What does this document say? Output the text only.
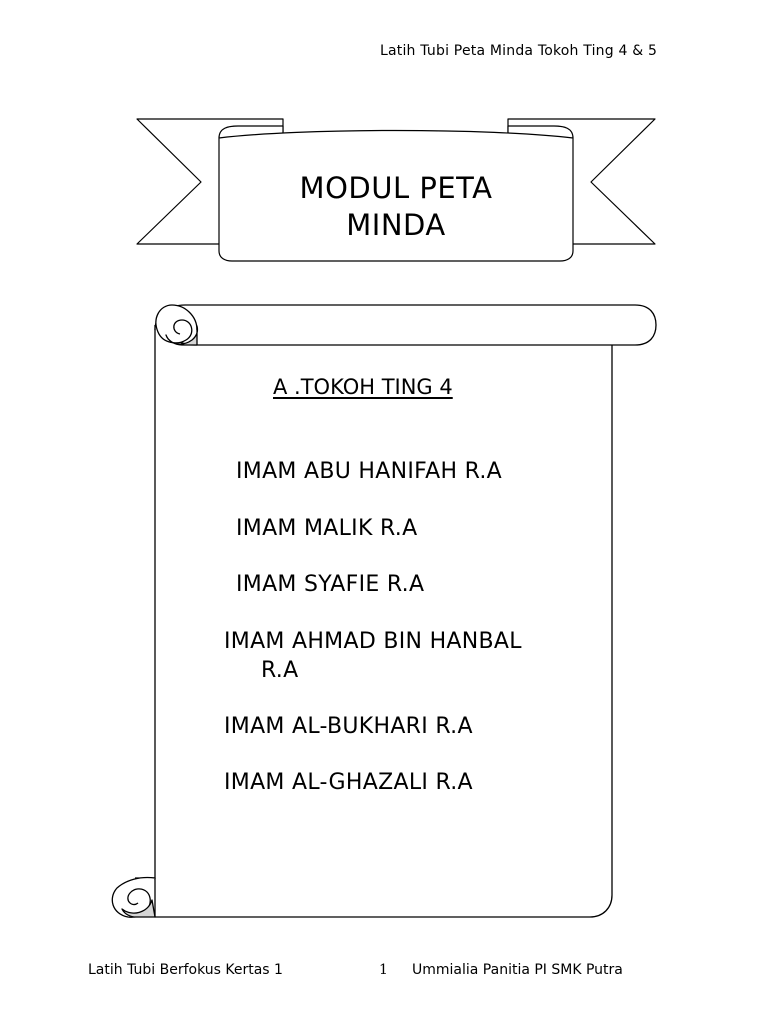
Latih Tubi Peta Minda Tokoh Ting 4 & 5
MODUL PETA
MINDA
A .TOKOH TING 4
IMAM ABU HANIFAH R.A
IMAM MALIK R.A
IMAM SYAFIE R.A
IMAM AHMAD BIN HANBAL
R.A
IMAM AL-BUKHARI R.A
IMAM AL-GHAZALI R.A
Latih Tubi Berfokus Kertas 1	1 Ummialia Panitia PI SMK Putra
